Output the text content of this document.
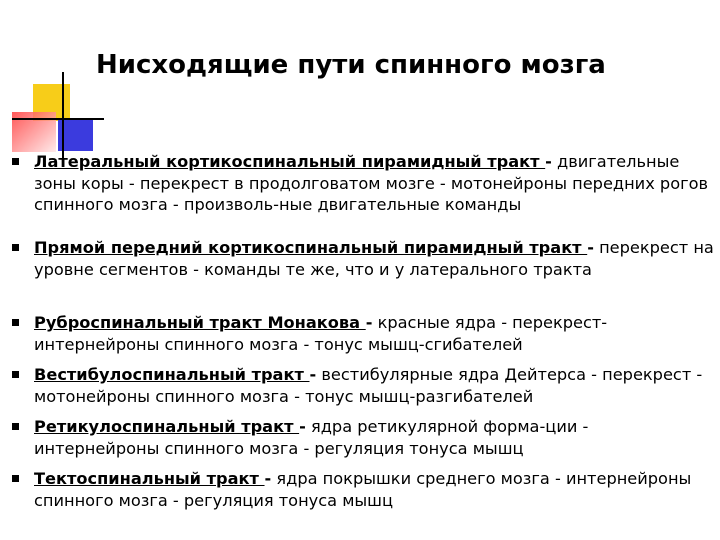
Нисходящие пути спинного мозга
Латеральный кортикоспинальный пирамидный тракт - двигательные зоны коры - перекрест в продолговатом мозге - мотонейроны передних рогов спинного мозга - произволь-ные двигательные команды
Прямой передний кортикоспинальный пирамидный тракт - перекрест на уровне сегментов - команды те же, что и у латерального тракта
Руброспинальный тракт Монакова - красные ядра - перекрест- интернейроны спинного мозга - тонус мышц-сгибателей
Вестибулоспинальный тракт - вестибулярные ядра Дейтерса - перекрест - мотонейроны спинного мозга - тонус мышц-разгибателей
Ретикулоспинальный тракт - ядра ретикулярной форма-ции - интернейроны спинного мозга - регуляция тонуса мышц
Тектоспинальный тракт - ядра покрышки среднего мозга - интернейроны спинного мозга - регуляция тонуса мышц
